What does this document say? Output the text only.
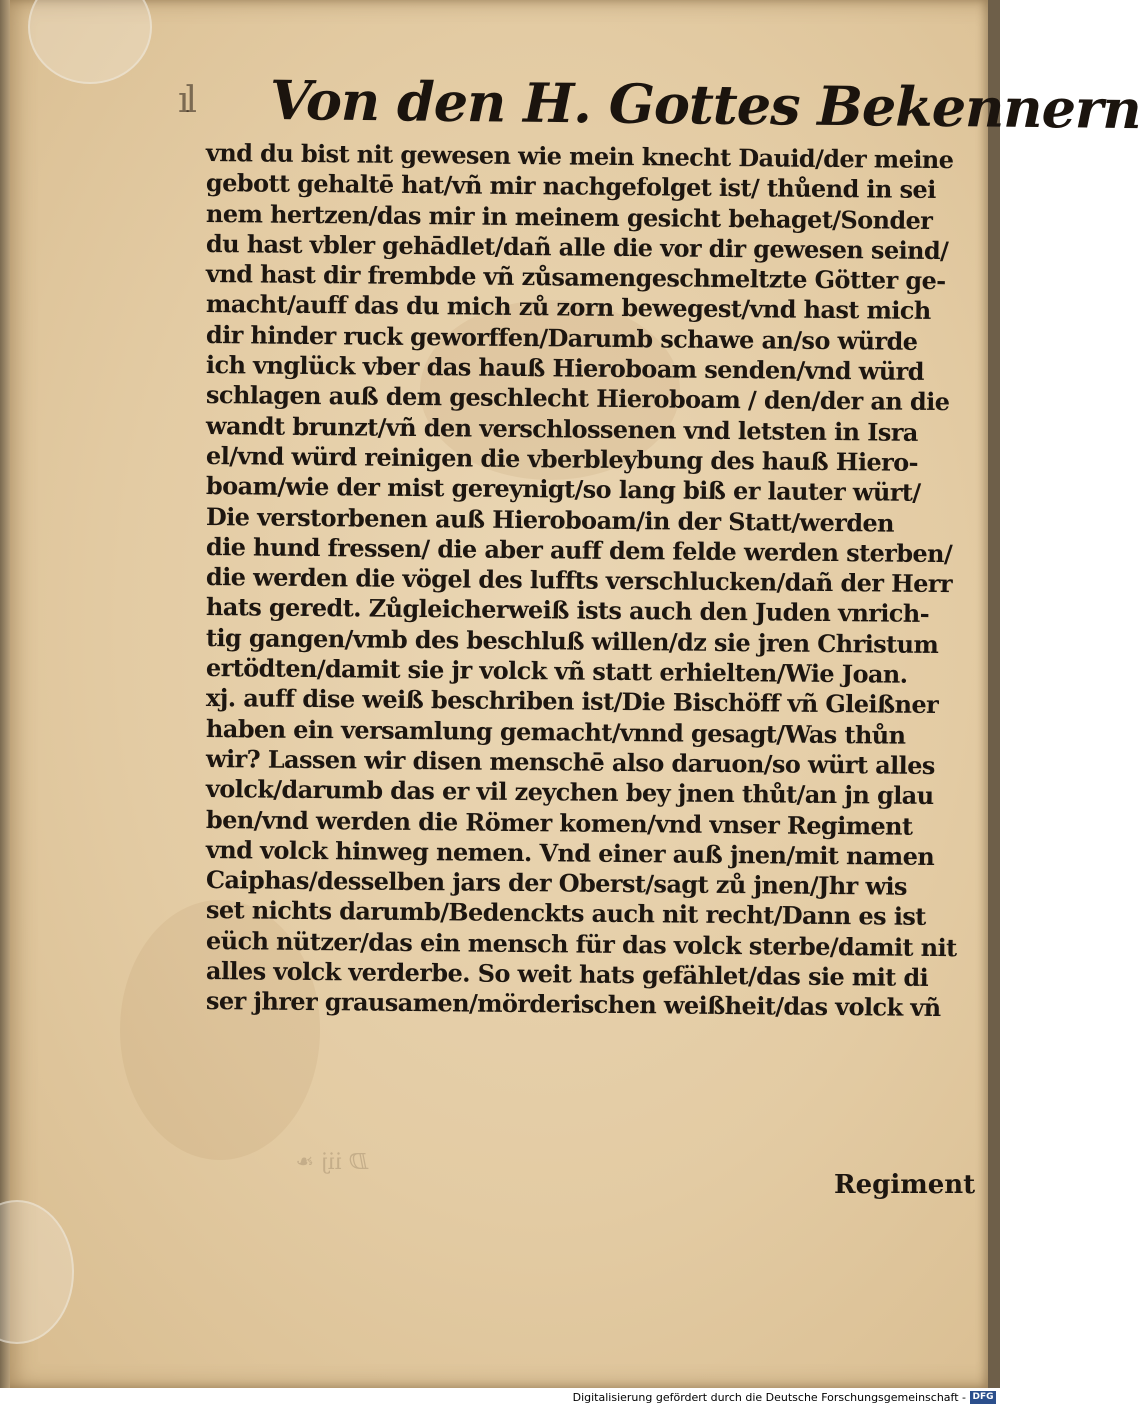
ıl Von den H. Gottes Bekennern
vnd du bist nit gewesen wie mein knecht Dauid/der meine
gebott gehaltē hat/vñ mir nachgefolget ist/ thůend in sei
nem hertzen/das mir in meinem gesicht behaget/Sonder
du hast vbler gehādlet/dañ alle die vor dir gewesen seind/
vnd hast dir frembde vñ zůsamengeschmeltzte Götter ge-
macht/auff das du mich zů zorn bewegest/vnd hast mich
dir hinder ruck geworffen/Darumb schawe an/so würde
ich vnglück vber das hauß Hieroboam senden/vnd würd
schlagen auß dem geschlecht Hieroboam / den/der an die
wandt brunzt/vñ den verschlossenen vnd letsten in Isra
el/vnd würd reinigen die vberbleybung des hauß Hiero-
boam/wie der mist gereynigt/so lang biß er lauter würt/
Die verstorbenen auß Hieroboam/in der Statt/werden
die hund fressen/ die aber auff dem felde werden sterben/
die werden die vögel des luffts verschlucken/dañ der Herr
hats geredt. Zůgleicherweiß ists auch den Juden vnrich-
tig gangen/vmb des beschluß willen/dz sie jren Christum
ertödten/damit sie jr volck vñ statt erhielten/Wie Joan.
xj. auff dise weiß beschriben ist/Die Bischöff vñ Gleißner
haben ein versamlung gemacht/vnnd gesagt/Was thůn
wir? Lassen wir disen menschē also daruon/so würt alles
volck/darumb das er vil zeychen bey jnen thůt/an jn glau
ben/vnd werden die Römer komen/vnd vnser Regiment
vnd volck hinweg nemen. Vnd einer auß jnen/mit namen
Caiphas/desselben jars der Oberst/sagt zů jnen/Jhr wis
set nichts darumb/Bedenckts auch nit recht/Dann es ist
eüch nützer/das ein mensch für das volck sterbe/damit nit
alles volck verderbe. So weit hats gefählet/das sie mit di
ser jhrer grausamen/mörderischen weißheit/das volck vñ
ⅅ iij ❧
Regiment
Digitalisierung gefördert durch die Deutsche Forschungsgemeinschaft - DFG
